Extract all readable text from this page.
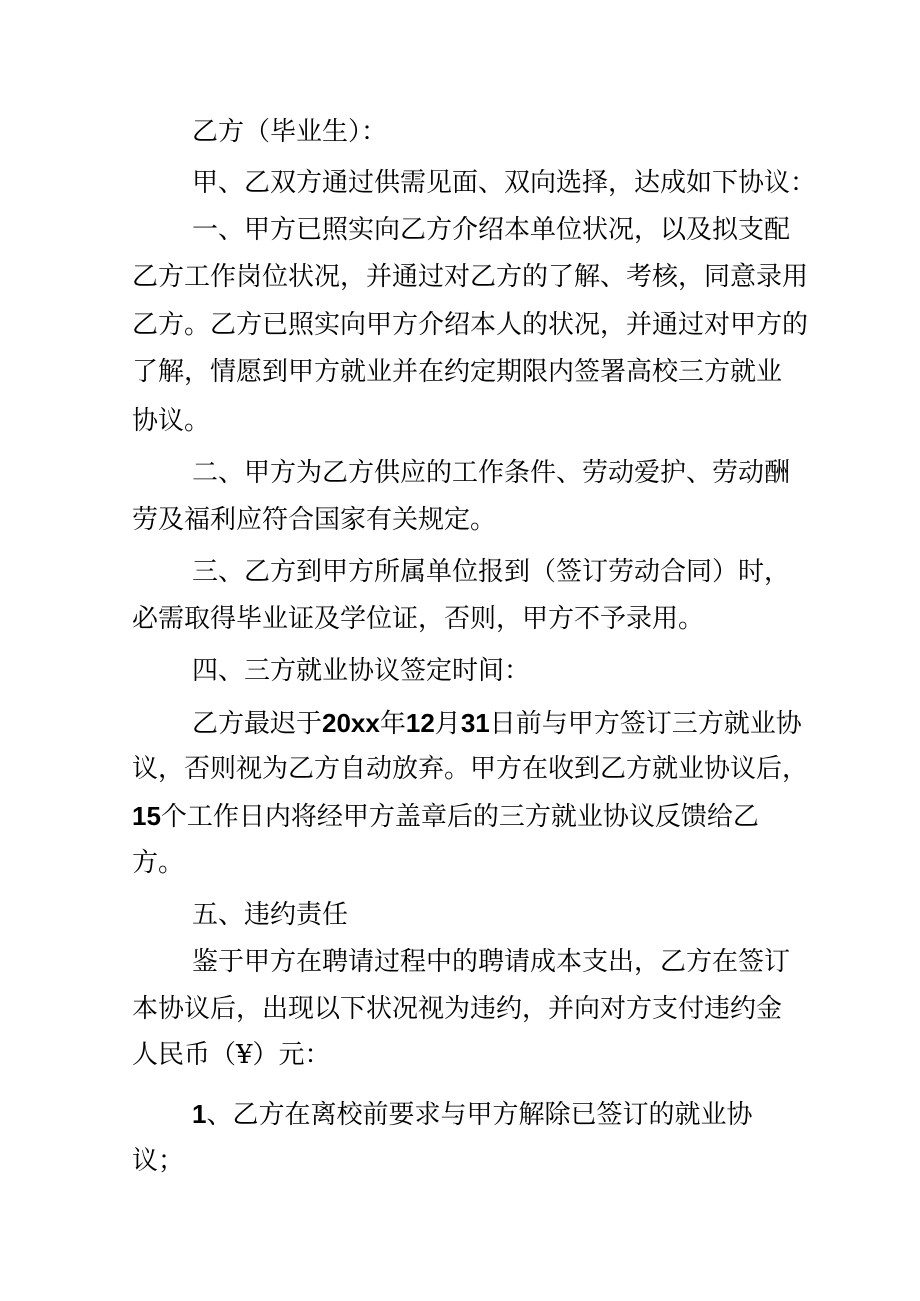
乙方（毕业生）：
甲、乙双方通过供需见面、双向选择，达成如下协议：
一、甲方已照实向乙方介绍本单位状况，以及拟支配
乙方工作岗位状况，并通过对乙方的了解、考核，同意录用
乙方。乙方已照实向甲方介绍本人的状况，并通过对甲方的
了解，情愿到甲方就业并在约定期限内签署高校三方就业
协议。
二、甲方为乙方供应的工作条件、劳动爱护、劳动酬
劳及福利应符合国家有关规定。
三、乙方到甲方所属单位报到（签订劳动合同）时，
必需取得毕业证及学位证，否则，甲方不予录用。
四、三方就业协议签定时间：
乙方最迟于20xx年12月31日前与甲方签订三方就业协
议，否则视为乙方自动放弃。甲方在收到乙方就业协议后，
15个工作日内将经甲方盖章后的三方就业协议反馈给乙
方。
五、违约责任
鉴于甲方在聘请过程中的聘请成本支出，乙方在签订
本协议后，出现以下状况视为违约，并向对方支付违约金
人民币（¥）元：
1、乙方在离校前要求与甲方解除已签订的就业协
议；
